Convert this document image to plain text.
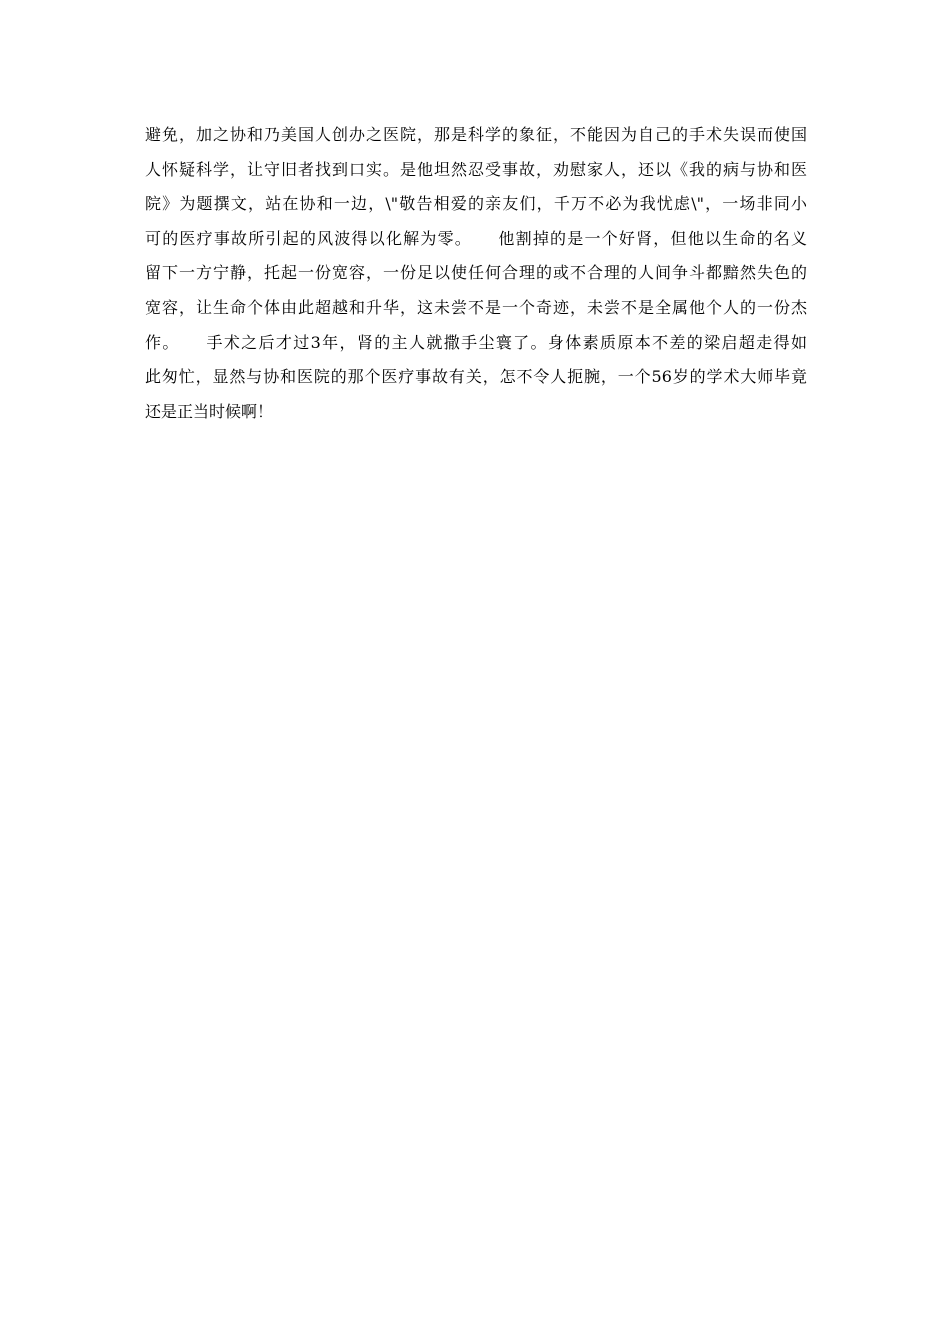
避免，加之协和乃美国人创办之医院，那是科学的象征，不能因为自己的手术失误而使国
人怀疑科学，让守旧者找到口实。是他坦然忍受事故，劝慰家人，还以《我的病与协和医
院》为题撰文，站在协和一边，\"敬告相爱的亲友们，千万不必为我忧虑\"，一场非同小
可的医疗事故所引起的风波得以化解为零。　　他割掉的是一个好肾，但他以生命的名义
留下一方宁静，托起一份宽容，一份足以使任何合理的或不合理的人间争斗都黯然失色的
宽容，让生命个体由此超越和升华，这未尝不是一个奇迹，未尝不是全属他个人的一份杰
作。　　手术之后才过3年，肾的主人就撒手尘寰了。身体素质原本不差的梁启超走得如
此匆忙，显然与协和医院的那个医疗事故有关，怎不令人扼腕，一个56岁的学术大师毕竟
还是正当时候啊！
